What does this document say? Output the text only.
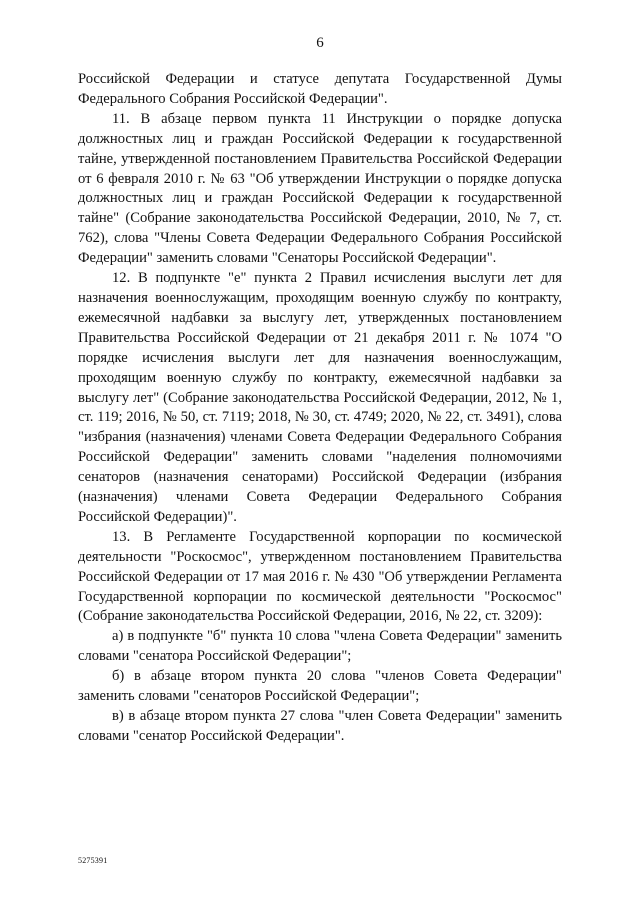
6

Российской Федерации и статусе депутата Государственной Думы Федерального Собрания Российской Федерации".

11. В абзаце первом пункта 11 Инструкции о порядке допуска должностных лиц и граждан Российской Федерации к государственной тайне, утвержденной постановлением Правительства Российской Федерации от 6 февраля 2010 г. № 63 "Об утверждении Инструкции о порядке допуска должностных лиц и граждан Российской Федерации к государственной тайне" (Собрание законодательства Российской Федерации, 2010, № 7, ст. 762), слова "Члены Совета Федерации Федерального Собрания Российской Федерации" заменить словами "Сенаторы Российской Федерации".

12. В подпункте "е" пункта 2 Правил исчисления выслуги лет для назначения военнослужащим, проходящим военную службу по контракту, ежемесячной надбавки за выслугу лет, утвержденных постановлением Правительства Российской Федерации от 21 декабря 2011 г. № 1074 "О порядке исчисления выслуги лет для назначения военнослужащим, проходящим военную службу по контракту, ежемесячной надбавки за выслугу лет" (Собрание законодательства Российской Федерации, 2012, № 1, ст. 119; 2016, № 50, ст. 7119; 2018, № 30, ст. 4749; 2020, № 22, ст. 3491), слова "избрания (назначения) членами Совета Федерации Федерального Собрания Российской Федерации" заменить словами "наделения полномочиями сенаторов (назначения сенаторами) Российской Федерации (избрания (назначения) членами Совета Федерации Федерального Собрания Российской Федерации)".

13. В Регламенте Государственной корпорации по космической деятельности "Роскосмос", утвержденном постановлением Правительства Российской Федерации от 17 мая 2016 г. № 430 "Об утверждении Регламента Государственной корпорации по космической деятельности "Роскосмос" (Собрание законодательства Российской Федерации, 2016, № 22, ст. 3209):

а) в подпункте "б" пункта 10 слова "члена Совета Федерации" заменить словами "сенатора Российской Федерации";

б) в абзаце втором пункта 20 слова "членов Совета Федерации" заменить словами "сенаторов Российской Федерации";

в) в абзаце втором пункта 27 слова "член Совета Федерации" заменить словами "сенатор Российской Федерации".

5275391
